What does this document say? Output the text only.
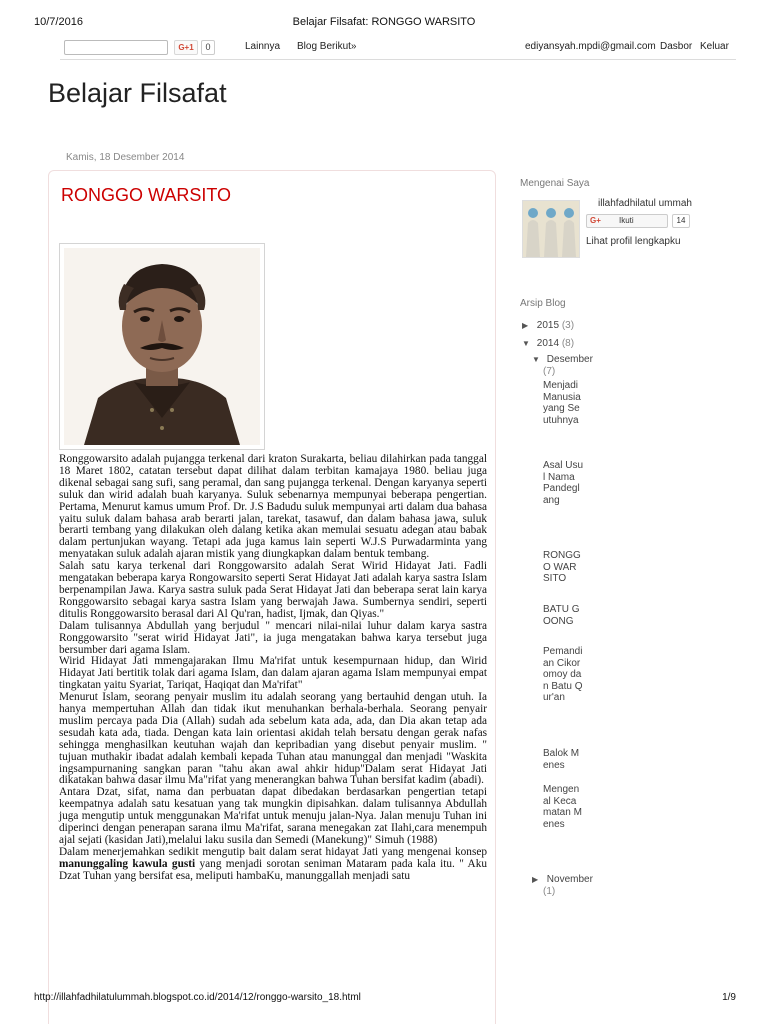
10/7/2016	Belajar Filsafat: RONGGO WARSITO
G+1	0	Lainnya Blog Berikut»	ediyansyah.mpdi@gmail.com Dasbor Keluar
Belajar Filsafat
Kamis, 18 Desember 2014
RONGGO WARSITO

Ronggowarsito adalah pujangga terkenal dari kraton Surakarta, beliau dilahirkan pada tanggal 18 Maret 1802, catatan tersebut dapat dilihat dalam terbitan kamajaya 1980. beliau juga dikenal sebagai sang sufi, sang peramal, dan sang pujangga terkenal. Dengan karyanya seperti suluk dan wirid adalah buah karyanya. Suluk sebenarnya mempunyai beberapa pengertian. Pertama, Menurut kamus umum Prof. Dr. J.S Badudu suluk mempunyai arti dalam dua bahasa yaitu suluk dalam bahasa arab berarti jalan, tarekat, tasawuf, dan dalam bahasa jawa, suluk berarti tembang yang dilakukan oleh dalang ketika akan memulai sesuatu adegan atau babak dalam pertunjukan wayang. Tetapi ada juga kamus lain seperti W.J.S Purwadarminta yang menyatakan suluk adalah ajaran mistik yang diungkapkan dalam bentuk tembang.

Salah satu karya terkenal dari Ronggowarsito adalah Serat Wirid Hidayat Jati. Fadli mengatakan beberapa karya Rongowarsito seperti Serat Hidayat Jati adalah karya sastra Islam berpenampilan Jawa. Karya sastra suluk pada Serat Hidayat Jati dan beberapa serat lain karya Ronggowarsito sebagai karya sastra Islam yang berwajah Jawa. Sumbernya sendiri, seperti ditulis Ronggowarsito berasal dari Al Qu'ran, hadist, Ijmak, dan Qiyas."

Dalam tulisannya Abdullah yang berjudul " mencari nilai-nilai luhur dalam karya sastra Ronggowarsito "serat wirid Hidayat Jati", ia juga mengatakan bahwa karya tersebut juga bersumber dari agama Islam.

Wirid Hidayat Jati mmengajarakan Ilmu Ma'rifat untuk kesempurnaan hidup, dan Wirid Hidayat Jati bertitik tolak dari agama Islam, dan dalam ajaran agama Islam mempunyai empat tingkatan yaitu Syariat, Tariqat, Haqiqat dan Ma'rifat"

Menurut Islam, seorang penyair muslim itu adalah seorang yang bertauhid dengan utuh. Ia hanya mempertuhan Allah dan tidak ikut menuhankan berhala-berhala. Seorang penyair muslim percaya pada Dia (Allah) sudah ada sebelum kata ada, ada, dan Dia akan tetap ada sesudah kata ada, tiada. Dengan kata lain orientasi akidah telah bersatu dengan gerak nafas sehingga menghasilkan keutuhan wajah dan kepribadian yang disebut penyair muslim. " tujuan muthakir ibadat adalah kembali kepada Tuhan atau manunggal dan menjadi "Waskita ingsampurnaning sangkan paran "tahu akan awal ahkir hidup"Dalam serat Hidayat Jati dikatakan bahwa dasar ilmu Ma"rifat yang menerangkan bahwa Tuhan bersifat kadim (abadi).

Antara Dzat, sifat, nama dan perbuatan dapat dibedakan berdasarkan pengertian tetapi keempatnya adalah satu kesatuan yang tak mungkin dipisahkan. dalam tulisannya Abdullah juga mengutip untuk menggunakan Ma'rifat untuk menuju jalan-Nya. Jalan menuju Tuhan ini diperinci dengan penerapan sarana ilmu Ma'rifat, sarana menegakan zat Ilahi,cara menempuh ajal sejati (kasidan Jati),melalui laku susila dan Semedi (Manekung)" Simuh (1988)

Dalam menerjemahkan sedikit mengutip bait dalam serat hidayat Jati yang mengenai konsep manunggaling kawula gusti yang menjadi sorotan seniman Mataram pada kala itu. " Aku Dzat Tuhan yang bersifat esa, meliputi hambaKu, manunggallah menjadi satu

Mengenai Saya
illahfadhilatul ummah
G+ Ikuti	14
Lihat profil lengkapku
Arsip Blog
▶ 2015 (3)
▼ 2014 (8)
▼ Desember
(7)
Menjadi Manusia yang Seutuhnya
Asal Usul Nama Pandeglang
RONGGO WARSITO
BATU GOONG
Pemandian Cikoromoy dan Batu Qur'an
Balok Menes
Mengenal Kecamatan Menes
▶ November
(1)
http://illahfadhilatulummah.blogspot.co.id/2014/12/ronggo-warsito_18.html	1/9
